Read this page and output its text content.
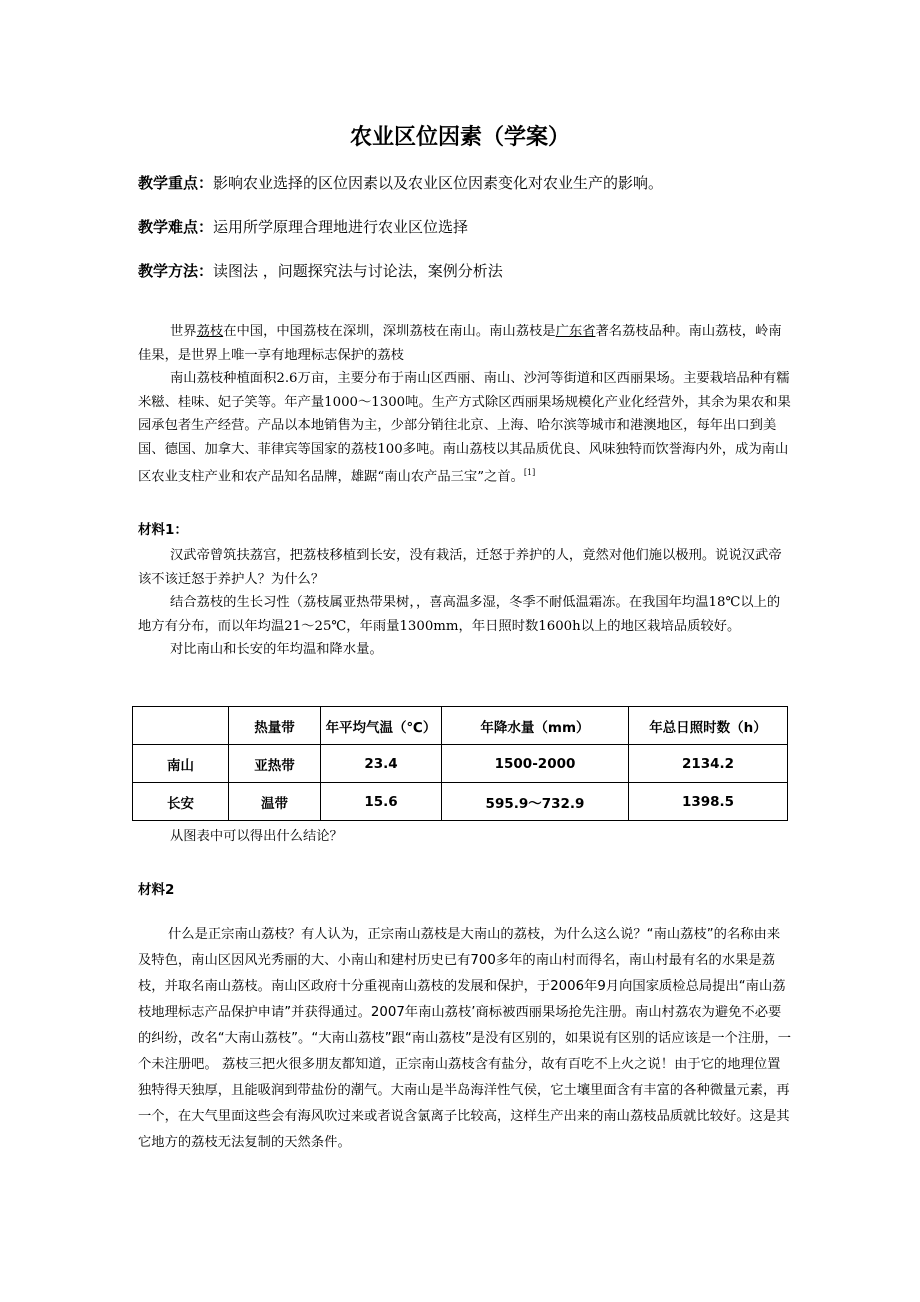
农业区位因素（学案）
教学重点：影响农业选择的区位因素以及农业区位因素变化对农业生产的影响。
教学难点：运用所学原理合理地进行农业区位选择
教学方法：读图法 ，问题探究法与讨论法，案例分析法

世界荔枝在中国，中国荔枝在深圳，深圳荔枝在南山。南山荔枝是广东省著名荔枝品种。南山荔枝，岭南佳果，是世界上唯一享有地理标志保护的荔枝

南山荔枝种植面积2.6万亩，主要分布于南山区西丽、南山、沙河等街道和区西丽果场。主要栽培品种有糯米糍、桂味、妃子笑等。年产量1000～1300吨。生产方式除区西丽果场规模化产业化经营外，其余为果农和果园承包者生产经营。产品以本地销售为主，少部分销往北京、上海、哈尔滨等城市和港澳地区，每年出口到美国、德国、加拿大、菲律宾等国家的荔枝100多吨。南山荔枝以其品质优良、风味独特而饮誉海内外，成为南山区农业支柱产业和农产品知名品牌，雄踞“南山农产品三宝”之首。[1]

材料1：

汉武帝曾筑扶荔宫，把荔枝移植到长安，没有栽活，迁怒于养护的人，竟然对他们施以极刑。说说汉武帝该不该迁怒于养护人？为什么？

结合荔枝的生长习性（荔枝属亚热带果树，，喜高温多湿，冬季不耐低温霜冻。在我国年均温18℃以上的地方有分布，而以年均温21～25℃，年雨量1300mm，年日照时数1600h以上的地区栽培品质较好。

对比南山和长安的年均温和降水量。

	热量带	年平均气温（℃）	年降水量（mm）	年总日照时数（h）
南山	亚热带	23.4	1500-2000	2134.2
长安	温带	15.6	595.9～732.9	1398.5
从图表中可以得出什么结论？
材料2

什么是正宗南山荔枝？有人认为，正宗南山荔枝是大南山的荔枝，为什么这么说？“南山荔枝”的名称由来及特色，南山区因风光秀丽的大、小南山和建村历史已有700多年的南山村而得名，南山村最有名的水果是荔枝，并取名南山荔枝。南山区政府十分重视南山荔枝的发展和保护，于2006年9月向国家质检总局提出“南山荔枝地理标志产品保护申请”并获得通过。2007年南山荔枝’商标被西丽果场抢先注册。南山村荔农为避免不必要的纠纷，改名“大南山荔枝”。“大南山荔枝”跟“南山荔枝”是没有区别的，如果说有区别的话应该是一个注册，一个未注册吧。 荔枝三把火很多朋友都知道，正宗南山荔枝含有盐分，故有百吃不上火之说！由于它的地理位置独特得天独厚，且能吸润到带盐份的潮气。大南山是半岛海洋性气侯，它土壤里面含有丰富的各种微量元素，再一个，在大气里面这些会有海风吹过来或者说含氯离子比较高，这样生产出来的南山荔枝品质就比较好。这是其它地方的荔枝无法复制的天然条件。
